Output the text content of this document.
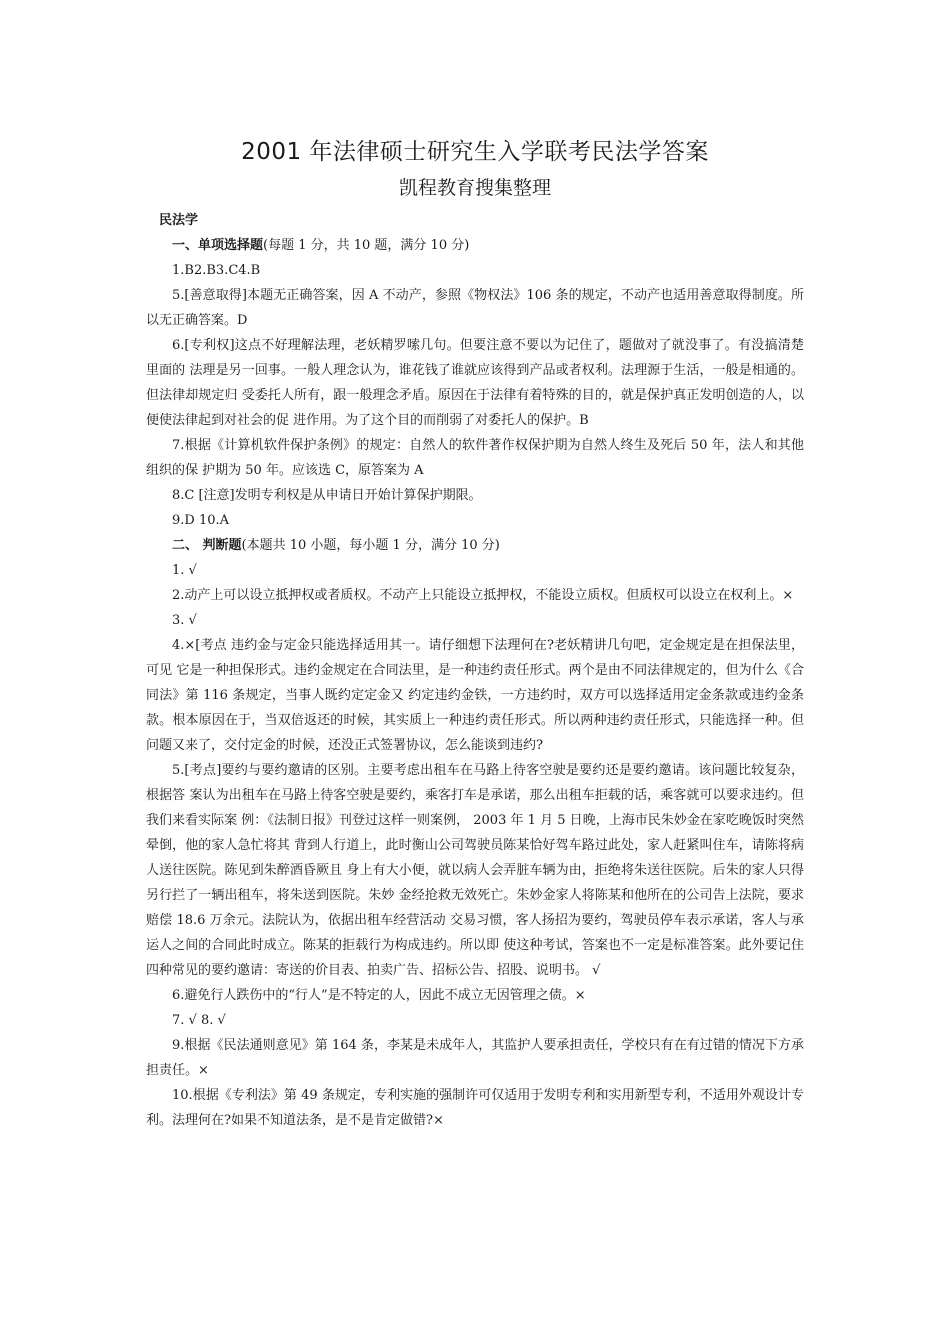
2001 年法律硕士研究生入学联考民法学答案
凯程教育搜集整理
民法学

一、单项选择题(每题 1 分，共 10 题，满分 10 分)

1.B2.B3.C4.B

5.[善意取得]本题无正确答案，因 A 不动产，参照《物权法》106 条的规定，不动产也适用善意取得制度。所以无正确答案。D

6.[专利权]这点不好理解法理，老妖精罗嗦几句。但要注意不要以为记住了，题做对了就没事了。有没搞清楚里面的 法理是另一回事。一般人理念认为，谁花钱了谁就应该得到产品或者权利。法理源于生活，一般是相通的。但法律却规定归 受委托人所有，跟一般理念矛盾。原因在于法律有着特殊的目的，就是保护真正发明创造的人，以便使法律起到对社会的促 进作用。为了这个目的而削弱了对委托人的保护。B

7.根据《计算机软件保护条例》的规定：自然人的软件著作权保护期为自然人终生及死后 50 年，法人和其他组织的保 护期为 50 年。应该选 C，原答案为 A

8.C [注意]发明专利权是从申请日开始计算保护期限。

9.D 10.A

二、 判断题(本题共 10 小题，每小题 1 分，满分 10 分)

1. √

2.动产上可以设立抵押权或者质权。不动产上只能设立抵押权，不能设立质权。但质权可以设立在权利上。×

3. √

4.×[考点 违约金与定金只能选择适用其一。请仔细想下法理何在?老妖精讲几句吧，定金规定是在担保法里，可见 它是一种担保形式。违约金规定在合同法里，是一种违约责任形式。两个是由不同法律规定的，但为什么《合同法》第 116 条规定，当事人既约定定金又 约定违约金铁，一方违约时，双方可以选择适用定金条款或违约金条款。根本原因在于，当双倍返还的时候，其实质上一种违约责任形式。所以两种违约责任形式，只能选择一种。但问题又来了，交付定金的时候，还没正式签署协议，怎么能谈到违约?

5.[考点]要约与要约邀请的区别。主要考虑出租车在马路上待客空驶是要约还是要约邀请。该问题比较复杂，根据答 案认为出租车在马路上待客空驶是要约，乘客打车是承诺，那么出租车拒载的话，乘客就可以要求违约。但我们来看实际案 例：《法制日报》刊登过这样一则案例， 2003 年 1 月 5 日晚，上海市民朱妙金在家吃晚饭时突然晕倒，他的家人急忙将其 背到人行道上，此时衡山公司驾驶员陈某恰好驾车路过此处，家人赶紧叫住车，请陈将病人送往医院。陈见到朱醉酒昏厥且 身上有大小便，就以病人会弄脏车辆为由，拒绝将朱送往医院。后朱的家人只得另行拦了一辆出租车，将朱送到医院。朱妙 金经抢救无效死亡。朱妙金家人将陈某和他所在的公司告上法院，要求赔偿 18.6 万余元。法院认为，依据出租车经营活动 交易习惯，客人扬招为要约，驾驶员停车表示承诺，客人与承运人之间的合同此时成立。陈某的拒载行为构成违约。所以即 使这种考试，答案也不一定是标准答案。此外要记住四种常见的要约邀请：寄送的价目表、拍卖广告、招标公告、招股、说明书。 √

6.避免行人跌伤中的“行人”是不特定的人，因此不成立无因管理之债。×

7. √ 8. √

9.根据《民法通则意见》第 164 条，李某是未成年人，其监护人要承担责任，学校只有在有过错的情况下方承担责任。×

10.根据《专利法》第 49 条规定，专利实施的强制许可仅适用于发明专利和实用新型专利，不适用外观设计专利。法理何在?如果不知道法条，是不是肯定做错?×
